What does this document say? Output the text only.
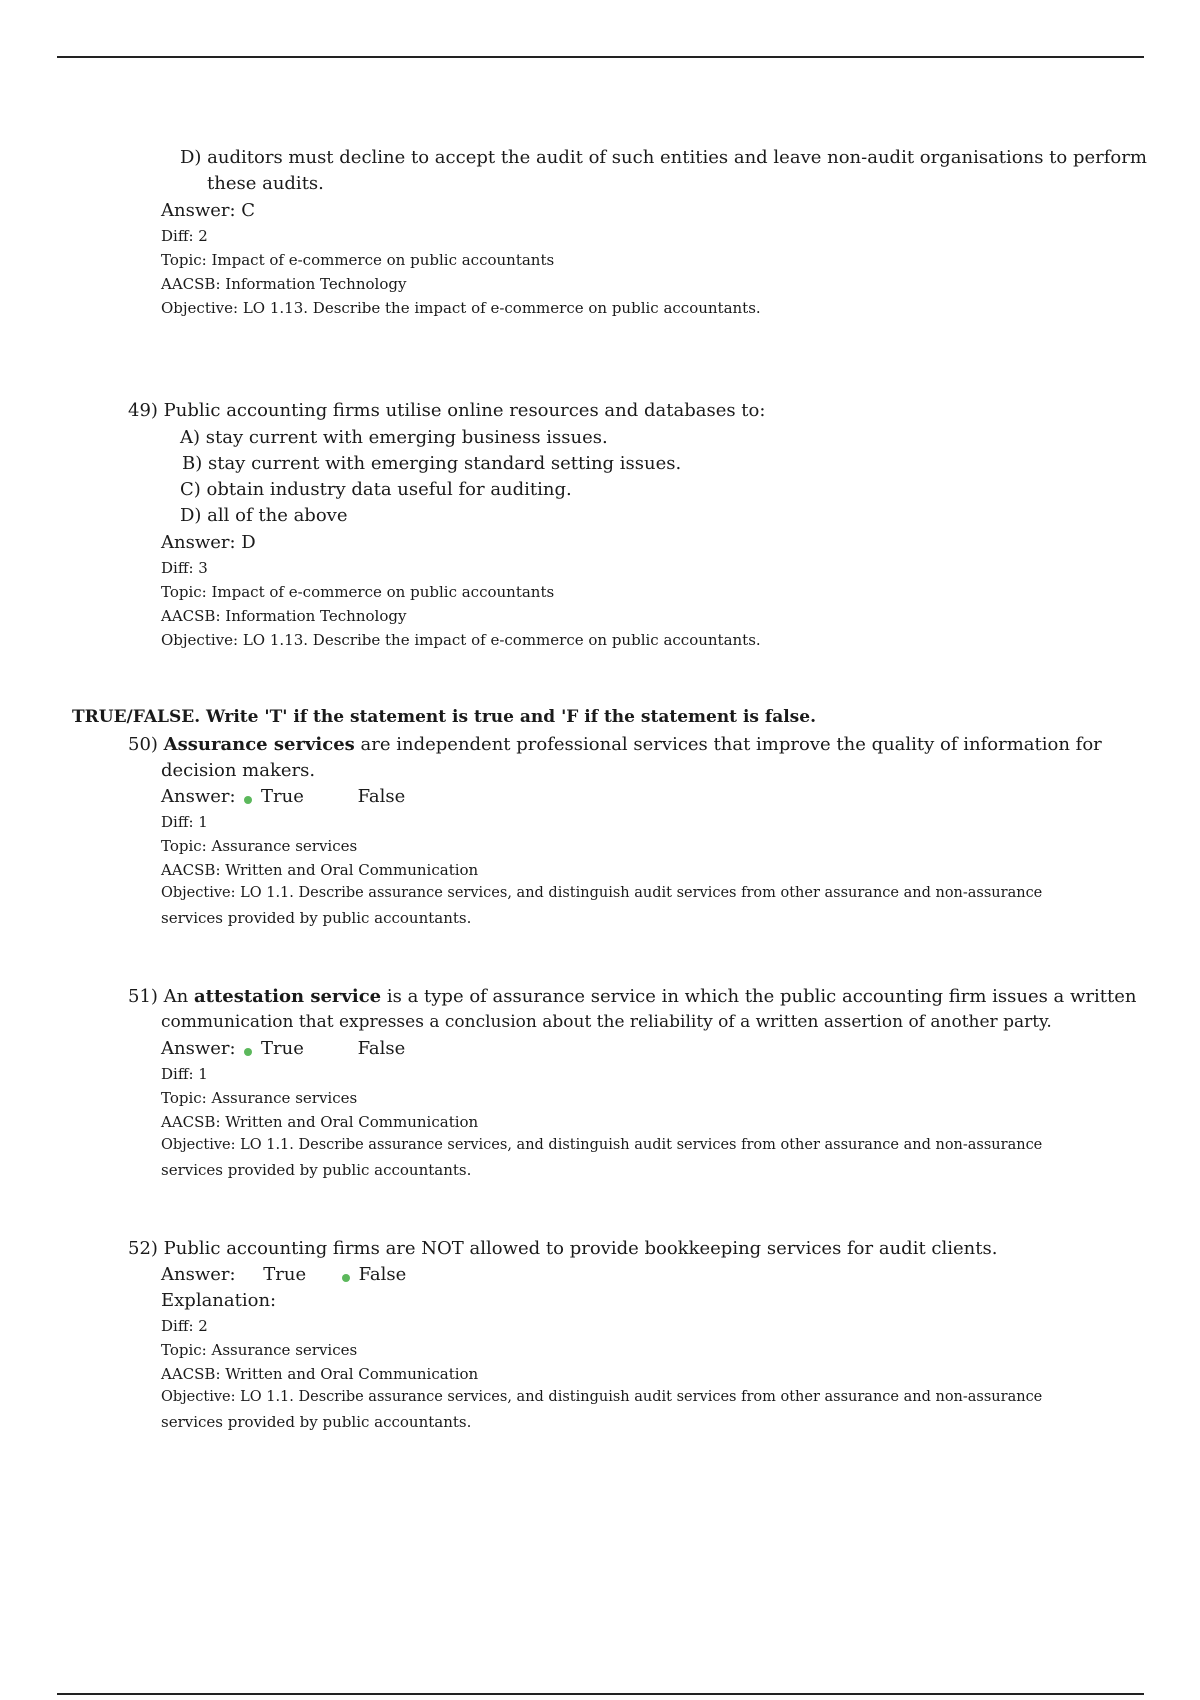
D) auditors must decline to accept the audit of such entities and leave non-audit organisations to perform
these audits.
Answer: C
Diff: 2
Topic: Impact of e-commerce on public accountants
AACSB: Information Technology
Objective: LO 1.13. Describe the impact of e-commerce on public accountants.
49) Public accounting firms utilise online resources and databases to:
A) stay current with emerging business issues.
B) stay current with emerging standard setting issues.
C) obtain industry data useful for auditing.
D) all of the above
Answer: D
Diff: 3
Topic: Impact of e-commerce on public accountants
AACSB: Information Technology
Objective: LO 1.13. Describe the impact of e-commerce on public accountants.
TRUE/FALSE. Write 'T' if the statement is true and 'F if the statement is false.
50) Assurance services are independent professional services that improve the quality of information for
decision makers.
Answer: True	False
Diff: 1
Topic: Assurance services
AACSB: Written and Oral Communication
Objective: LO 1.1. Describe assurance services, and distinguish audit services from other assurance and non-assurance
services provided by public accountants.
51) An attestation service is a type of assurance service in which the public accounting firm issues a written
communication that expresses a conclusion about the reliability of a written assertion of another party.
Answer: True	False
Diff: 1
Topic: Assurance services
AACSB: Written and Oral Communication
Objective: LO 1.1. Describe assurance services, and distinguish audit services from other assurance and non-assurance
services provided by public accountants.
52) Public accounting firms are NOT allowed to provide bookkeeping services for audit clients.
Answer: True	False
Explanation:
Diff: 2
Topic: Assurance services
AACSB: Written and Oral Communication
Objective: LO 1.1. Describe assurance services, and distinguish audit services from other assurance and non-assurance
services provided by public accountants.
